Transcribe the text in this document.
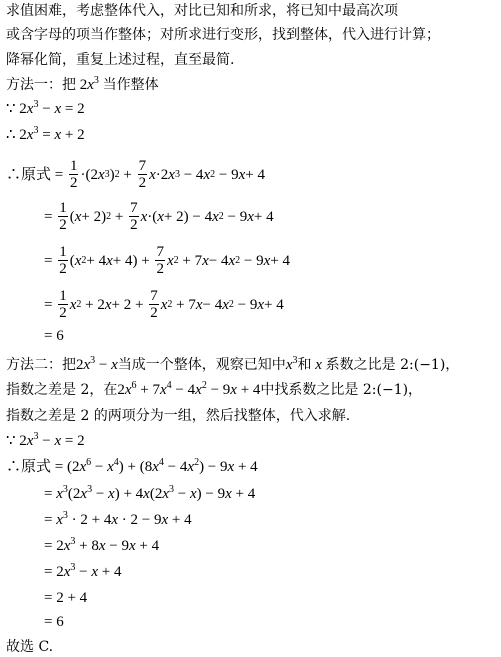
求值困难，考虑整体代入，对比已知和所求，将已知中最高次项
或含字母的项当作整体；对所求进行变形，找到整体，代入进行计算；
降幂化简，重复上述过程，直至最简.
方法一：把 $2x^3$ 当作整体
∵ $2x^3 - x = 2$
∴ $2x^3 = x + 2$
∴原式 = $\frac{1}{2} \cdot(2$ x 3 ) $2 + \frac{7}{2}$ x ·2 x 3 − 4 x 2 − 9 x + 4
= $\frac{1}{2}$ ( x + 2) $2 + \frac{7}{2}$ x ·( x + 2) − 4 x 2 − 9 x + 4
= $\frac{1}{2}$ ( x 2 + 4 $x + 4) + \frac{7}{2}$ x 2 + 7 x − 4 x 2 − 9 x + 4
= $\frac{1}{2}$ x 2 + 2 $x + 2 + \frac{7}{2}$ x 2 + 7 x − 4 x 2 − 9 x + 4
= 6
方法二：把$2x^3 - x$当成一个整体，观察已知中$x^3$和 x 系数之比是 2:(−1)，
指数之差是 2，在$2x^6 + 7x^4 - 4x^2 - 9x + 4$中找系数之比是 2:(−1)，
指数之差是 2 的两项分为一组，然后找整体，代入求解.
∵ $2x^3 - x = 2$
∴原式 = $(2x^6 - x^4) + (8x^4 - 4x^2) - 9x + 4$
= $x^3(2x^3 - x) + 4x(2x^3 - x) - 9x + 4$
= $x^3 \cdot 2 + 4x \cdot 2 - 9x + 4$
= $2x^3 + 8x - 9x + 4$
= $2x^3 - x + 4$
= 2 + 4
= 6
故选 C.
